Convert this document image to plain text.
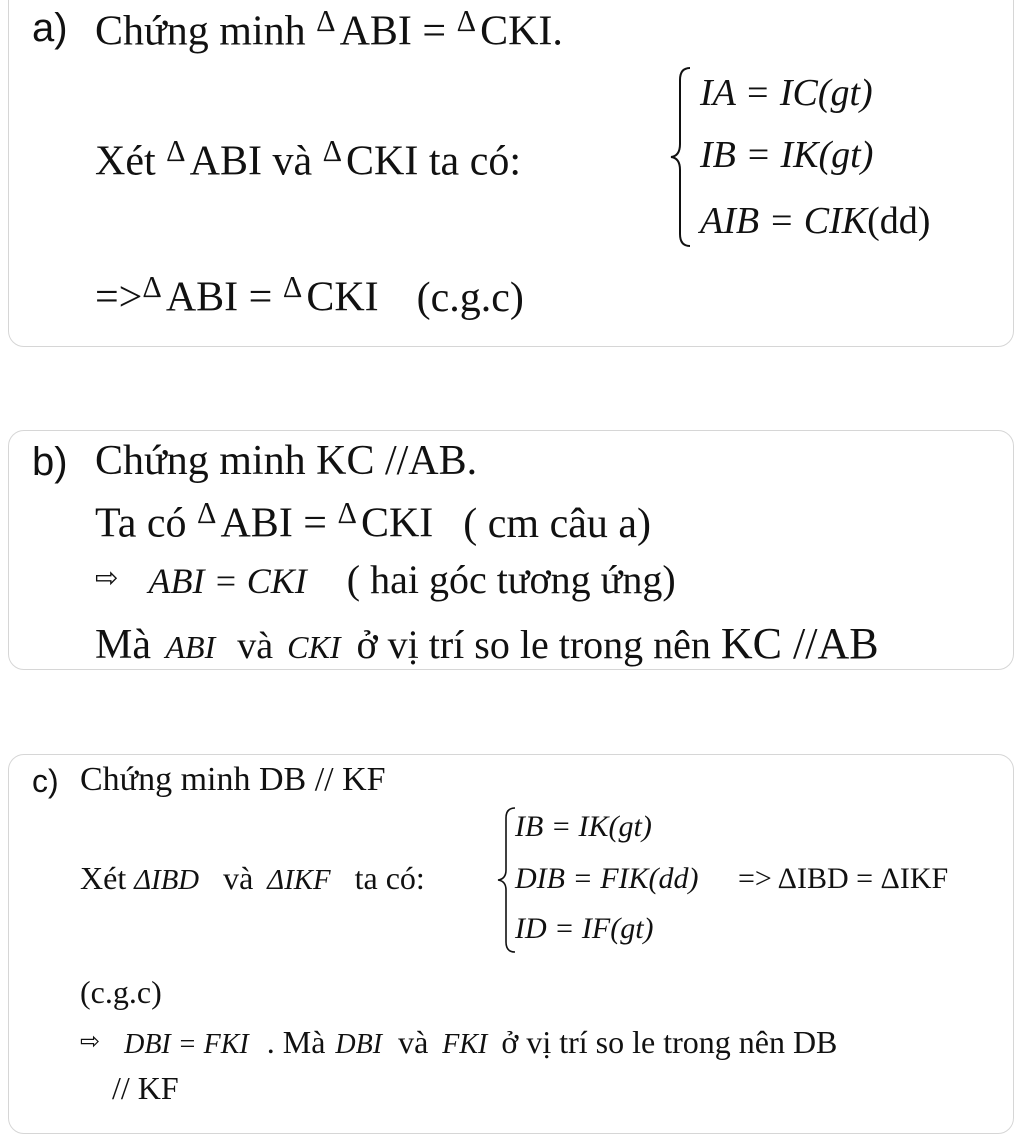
a) Chứng minh $^\Delta$ABI = $^\Delta$CKI.
Xét $^\Delta$ABI và $^\Delta$CKI ta có:
IA = IC(gt)
IB = IK(gt)
AIB = CIK(dd)
=>$^\Delta$ABI = $^\Delta$CKI (c.g.c)
b) Chứng minh KC //AB.
Ta có $^\Delta$ABI = $^\Delta$CKI ( cm câu a)
⇨ ABI = CKI ( hai góc tương ứng)
Mà ABI và CKI ở vị trí so le trong nên KC //AB
c) Chứng minh DB // KF
Xét ΔIBD và ΔIKF ta có:
IB = IK(gt)
DIB = FIK(dd)
ID = IF(gt)
=> ΔIBD = ΔIKF
(c.g.c)
⇨ DBI = FKI . Mà DBI và FKI ở vị trí so le trong nên DB
// KF
